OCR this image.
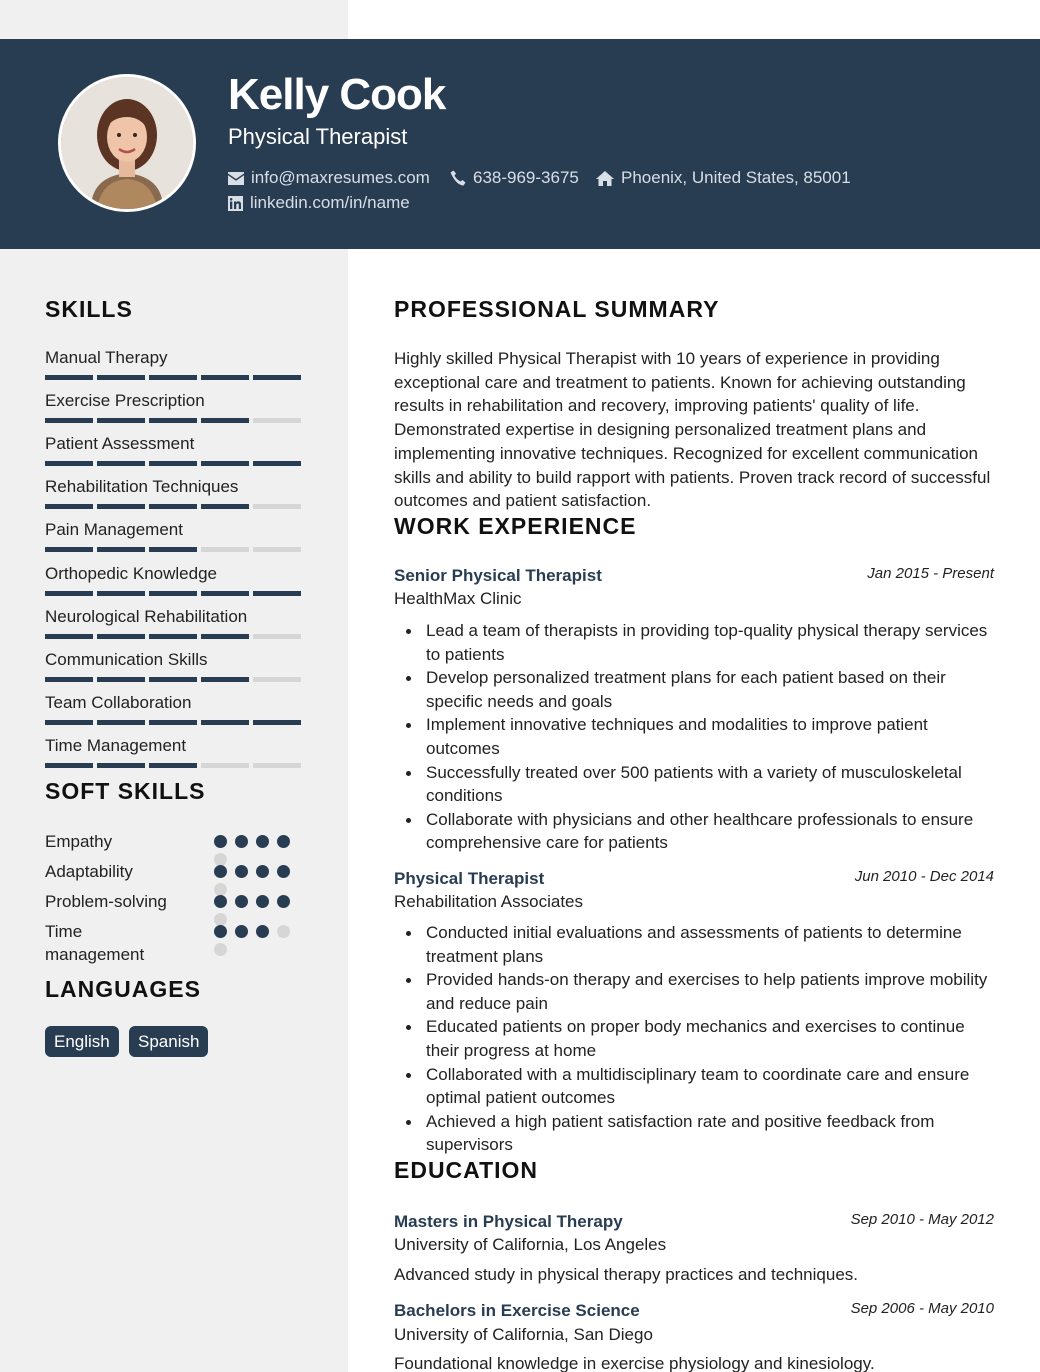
Kelly Cook
Physical Therapist
info@maxresumes.com	638-969-3675 Phoenix, United States, 85001
linkedin.com/in/name
SKILLS
Manual Therapy
Exercise Prescription
Patient Assessment
Rehabilitation Techniques
Pain Management
Orthopedic Knowledge
Neurological Rehabilitation
Communication Skills
Team Collaboration
Time Management
SOFT SKILLS
Empathy
Adaptability
Problem-solving
Time management
LANGUAGES
English	Spanish
PROFESSIONAL SUMMARY
Highly skilled Physical Therapist with 10 years of experience in providing exceptional care and treatment to patients. Known for achieving outstanding results in rehabilitation and recovery, improving patients' quality of life. Demonstrated expertise in designing personalized treatment plans and implementing innovative techniques. Recognized for excellent communication skills and ability to build rapport with patients. Proven track record of successful outcomes and patient satisfaction.
WORK EXPERIENCE
Senior Physical Therapist	Jan 2015 - Present
HealthMax Clinic
Lead a team of therapists in providing top-quality physical therapy services to patients
Develop personalized treatment plans for each patient based on their specific needs and goals
Implement innovative techniques and modalities to improve patient outcomes
Successfully treated over 500 patients with a variety of musculoskeletal conditions
Collaborate with physicians and other healthcare professionals to ensure comprehensive care for patients
Physical Therapist	Jun 2010 - Dec 2014
Rehabilitation Associates
Conducted initial evaluations and assessments of patients to determine treatment plans
Provided hands-on therapy and exercises to help patients improve mobility and reduce pain
Educated patients on proper body mechanics and exercises to continue their progress at home
Collaborated with a multidisciplinary team to coordinate care and ensure optimal patient outcomes
Achieved a high patient satisfaction rate and positive feedback from supervisors
EDUCATION
Masters in Physical Therapy	Sep 2010 - May 2012
University of California, Los Angeles
Advanced study in physical therapy practices and techniques.
Bachelors in Exercise Science	Sep 2006 - May 2010
University of California, San Diego
Foundational knowledge in exercise physiology and kinesiology.
